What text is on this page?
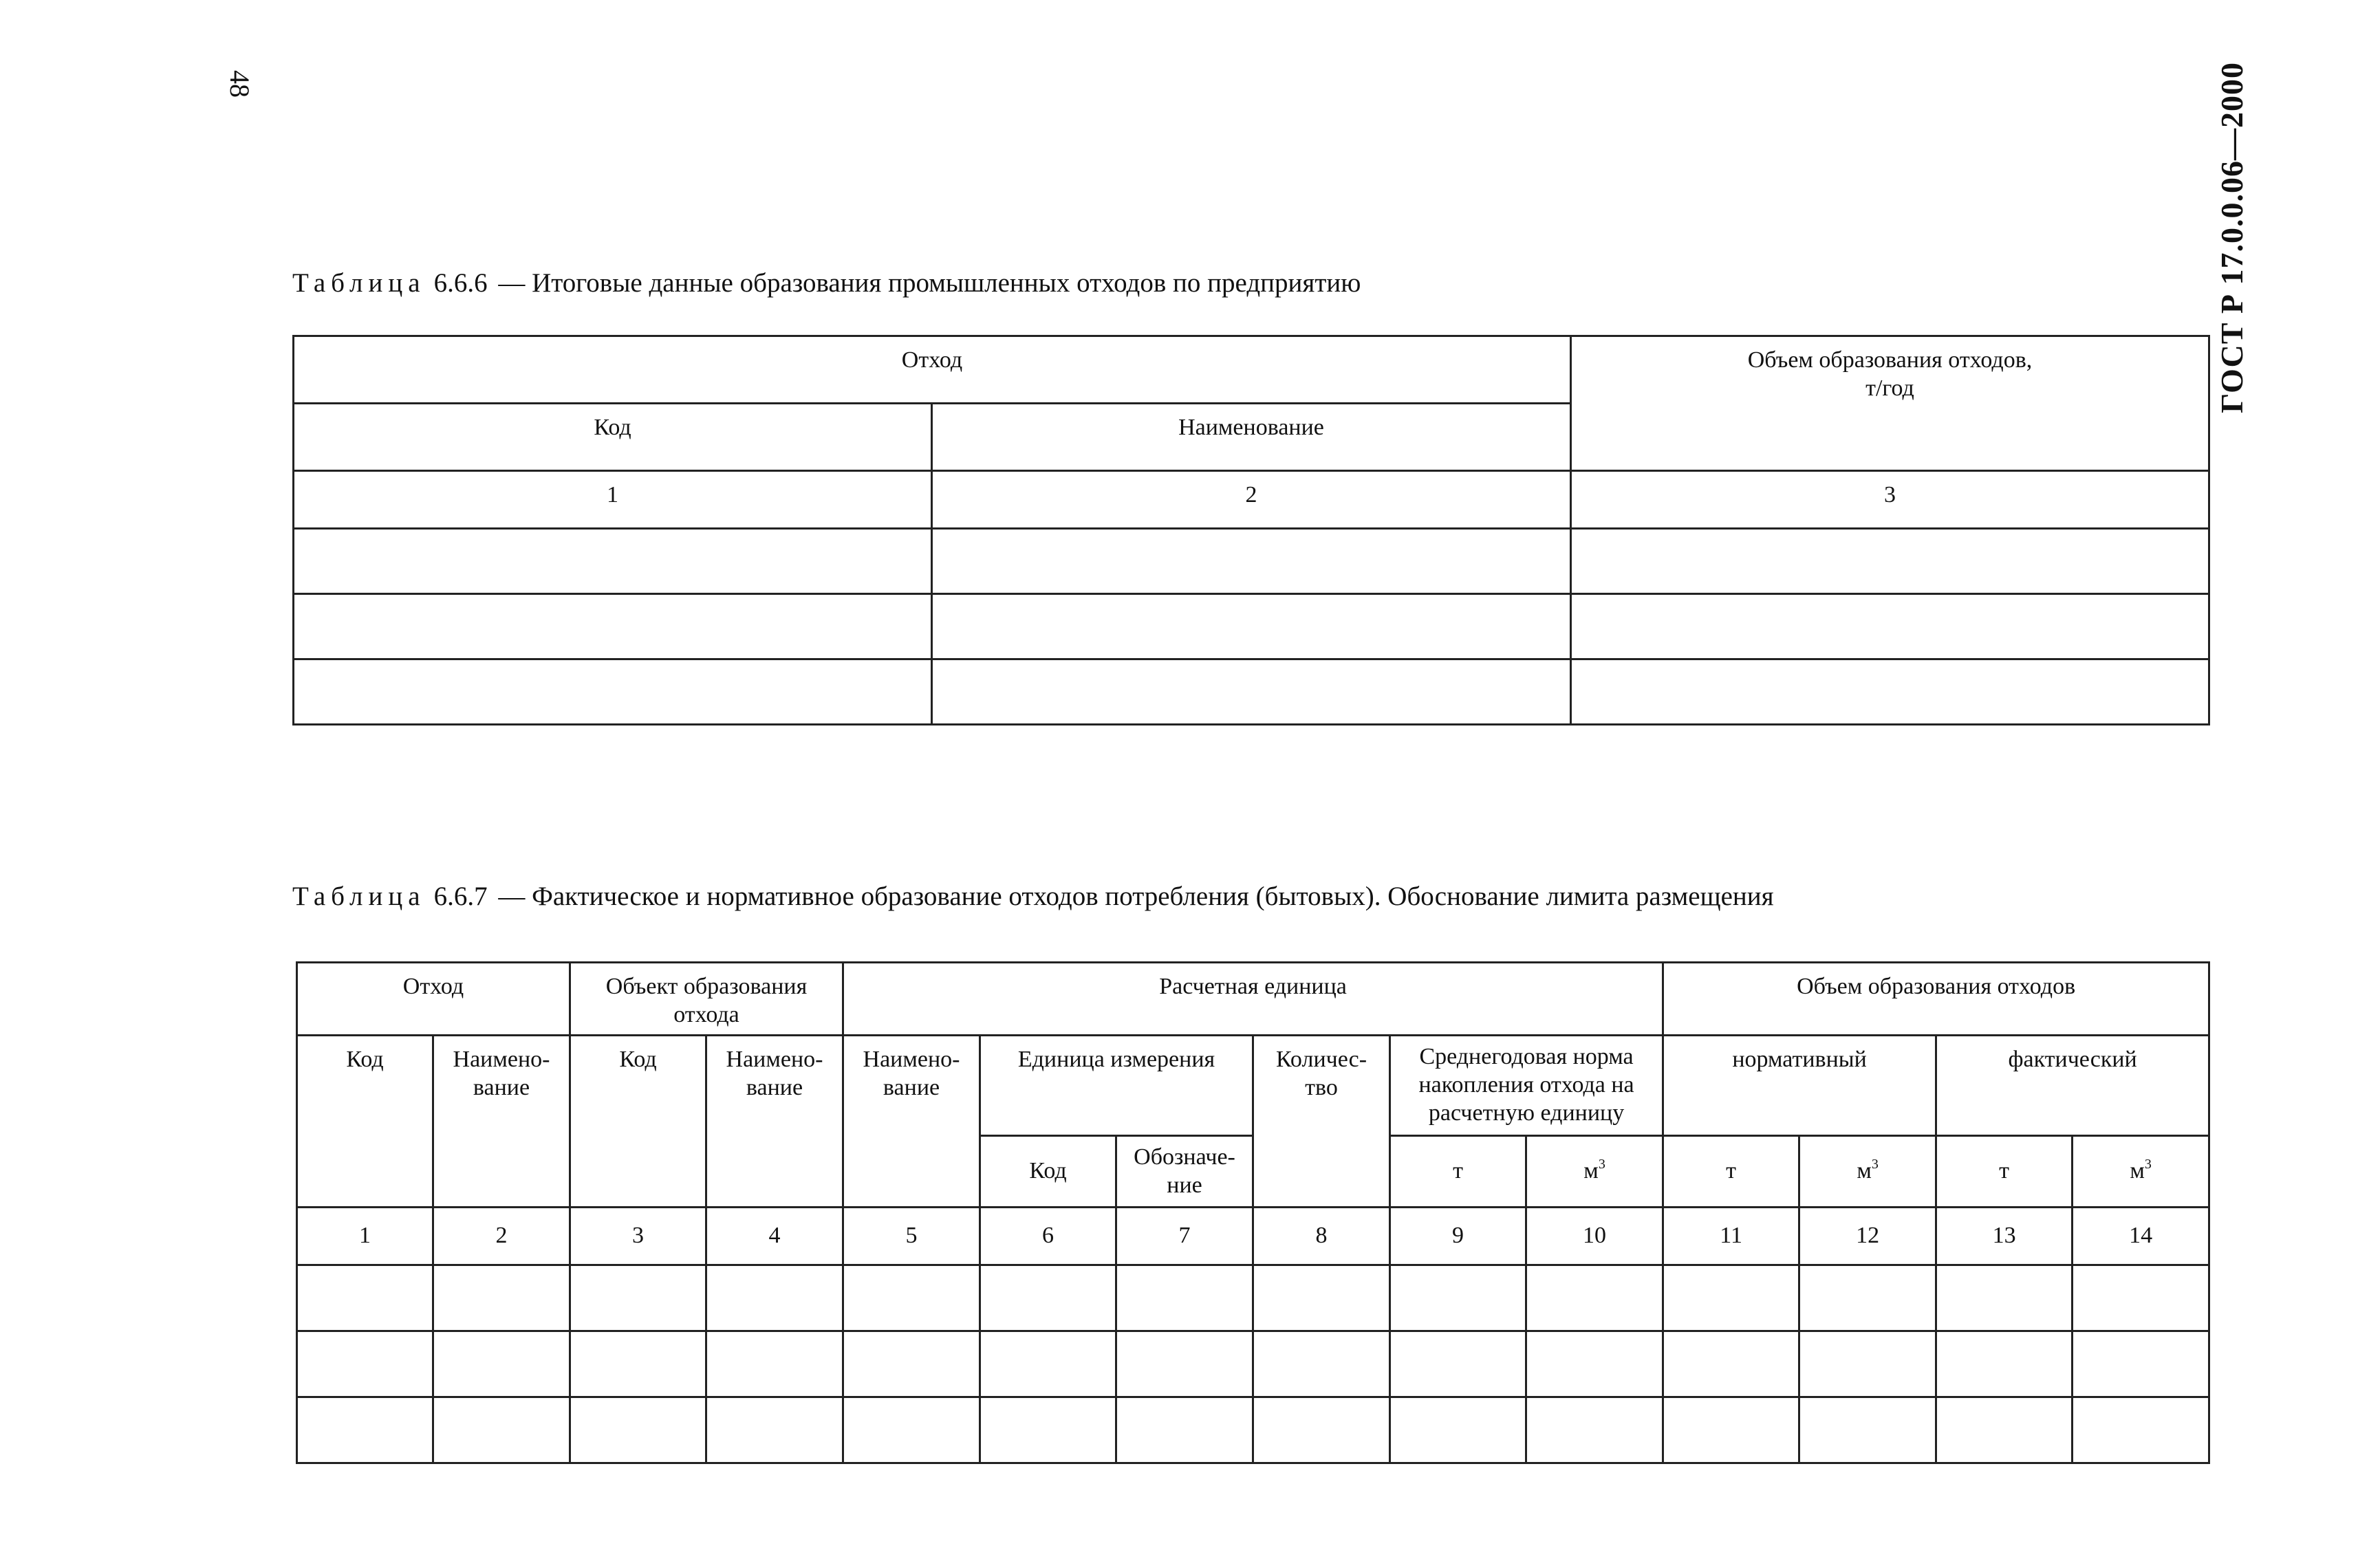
48	ГОСТ Р 17.0.0.06—2000
Таблица 6.6.6 — Итоговые данные образования промышленных отходов по предприятию
Отход		Объем образования отходов, т/год
Код	Наименование	
1	2	3

Таблица 6.6.7 — Фактическое и нормативное образование отходов потребления (бытовых). Обоснование лимита размещения
Отход		Объект образования отхода		Расчетная единица						Объем образования отходов			
Код	Наимено-вание	Код	Наимено-вание	Наимено-вание	Единица измерения		Количес-тво	Среднегодовая норма накопления отхода на расчетную единицу		нормативный		фактический	
					Код	Обозначе-ние		т	$м^3$	т	$м^3$	т	$м^3$
1	2	3	4	5	6	7	8	9	10	11	12	13	14
